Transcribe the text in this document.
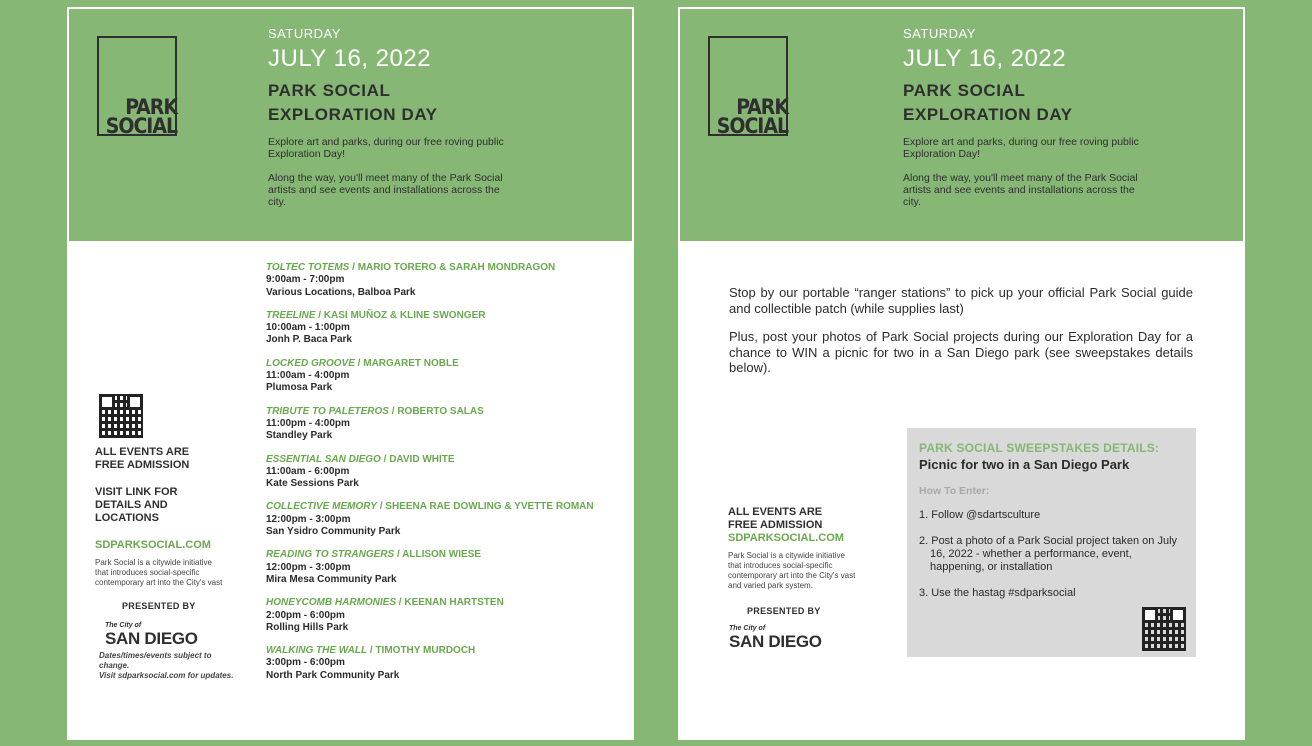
PARK
SOCIAL
SATURDAY
JULY 16, 2022
PARK SOCIAL
EXPLORATION DAY
Explore art and parks, during our free roving public Exploration Day!
Along the way, you'll meet many of the Park Social artists and see events and installations across the city.
ALL EVENTS ARE
FREE ADMISSION
VISIT LINK FOR
DETAILS AND
LOCATIONS
SDPARKSOCIAL.COM
Park Social is a citywide initiative that introduces social-specific contemporary art into the City's vast
PRESENTED BY
The City of
SAN DIEGO
Dates/times/events subject to change.
Visit sdparksocial.com for updates.
TOLTEC TOTEMS / MARIO TORERO & SARAH MONDRAGON
9:00am - 7:00pm
Various Locations, Balboa Park
TREELINE / KASI MUÑOZ & KLINE SWONGER
10:00am - 1:00pm
Jonh P. Baca Park
LOCKED GROOVE / MARGARET NOBLE
11:00am - 4:00pm
Plumosa Park
TRIBUTE TO PALETEROS / ROBERTO SALAS
11:00pm - 4:00pm
Standley Park
ESSENTIAL SAN DIEGO / DAVID WHITE
11:00am - 6:00pm
Kate Sessions Park
COLLECTIVE MEMORY / SHEENA RAE DOWLING & YVETTE ROMAN
12:00pm - 3:00pm
San Ysidro Community Park
READING TO STRANGERS / ALLISON WIESE
12:00pm - 3:00pm
Mira Mesa Community Park
HONEYCOMB HARMONIES / KEENAN HARTSTEN
2:00pm - 6:00pm
Rolling Hills Park
WALKING THE WALL / TIMOTHY MURDOCH
3:00pm - 6:00pm
North Park Community Park
PARK
SOCIAL
SATURDAY
JULY 16, 2022
PARK SOCIAL
EXPLORATION DAY
Explore art and parks, during our free roving public Exploration Day!
Along the way, you'll meet many of the Park Social artists and see events and installations across the city.

Stop by our portable “ranger stations” to pick up your official Park Social guide and collectible patch (while supplies last)

Plus, post your photos of Park Social projects during our Exploration Day for a chance to WIN a picnic for two in a San Diego park (see sweepstakes details below).

ALL EVENTS ARE
FREE ADMISSION
SDPARKSOCIAL.COM
Park Social is a citywide initiative that introduces social-specific contemporary art into the City's vast and varied park system.
PRESENTED BY
The City of
SAN DIEGO
PARK SOCIAL SWEEPSTAKES DETAILS:
Picnic for two in a San Diego Park
How To Enter:
1. Follow @sdartsculture
2. Post a photo of a Park Social project taken on July 16, 2022 - whether a performance, event, happening, or installation
3. Use the hastag #sdparksocial
